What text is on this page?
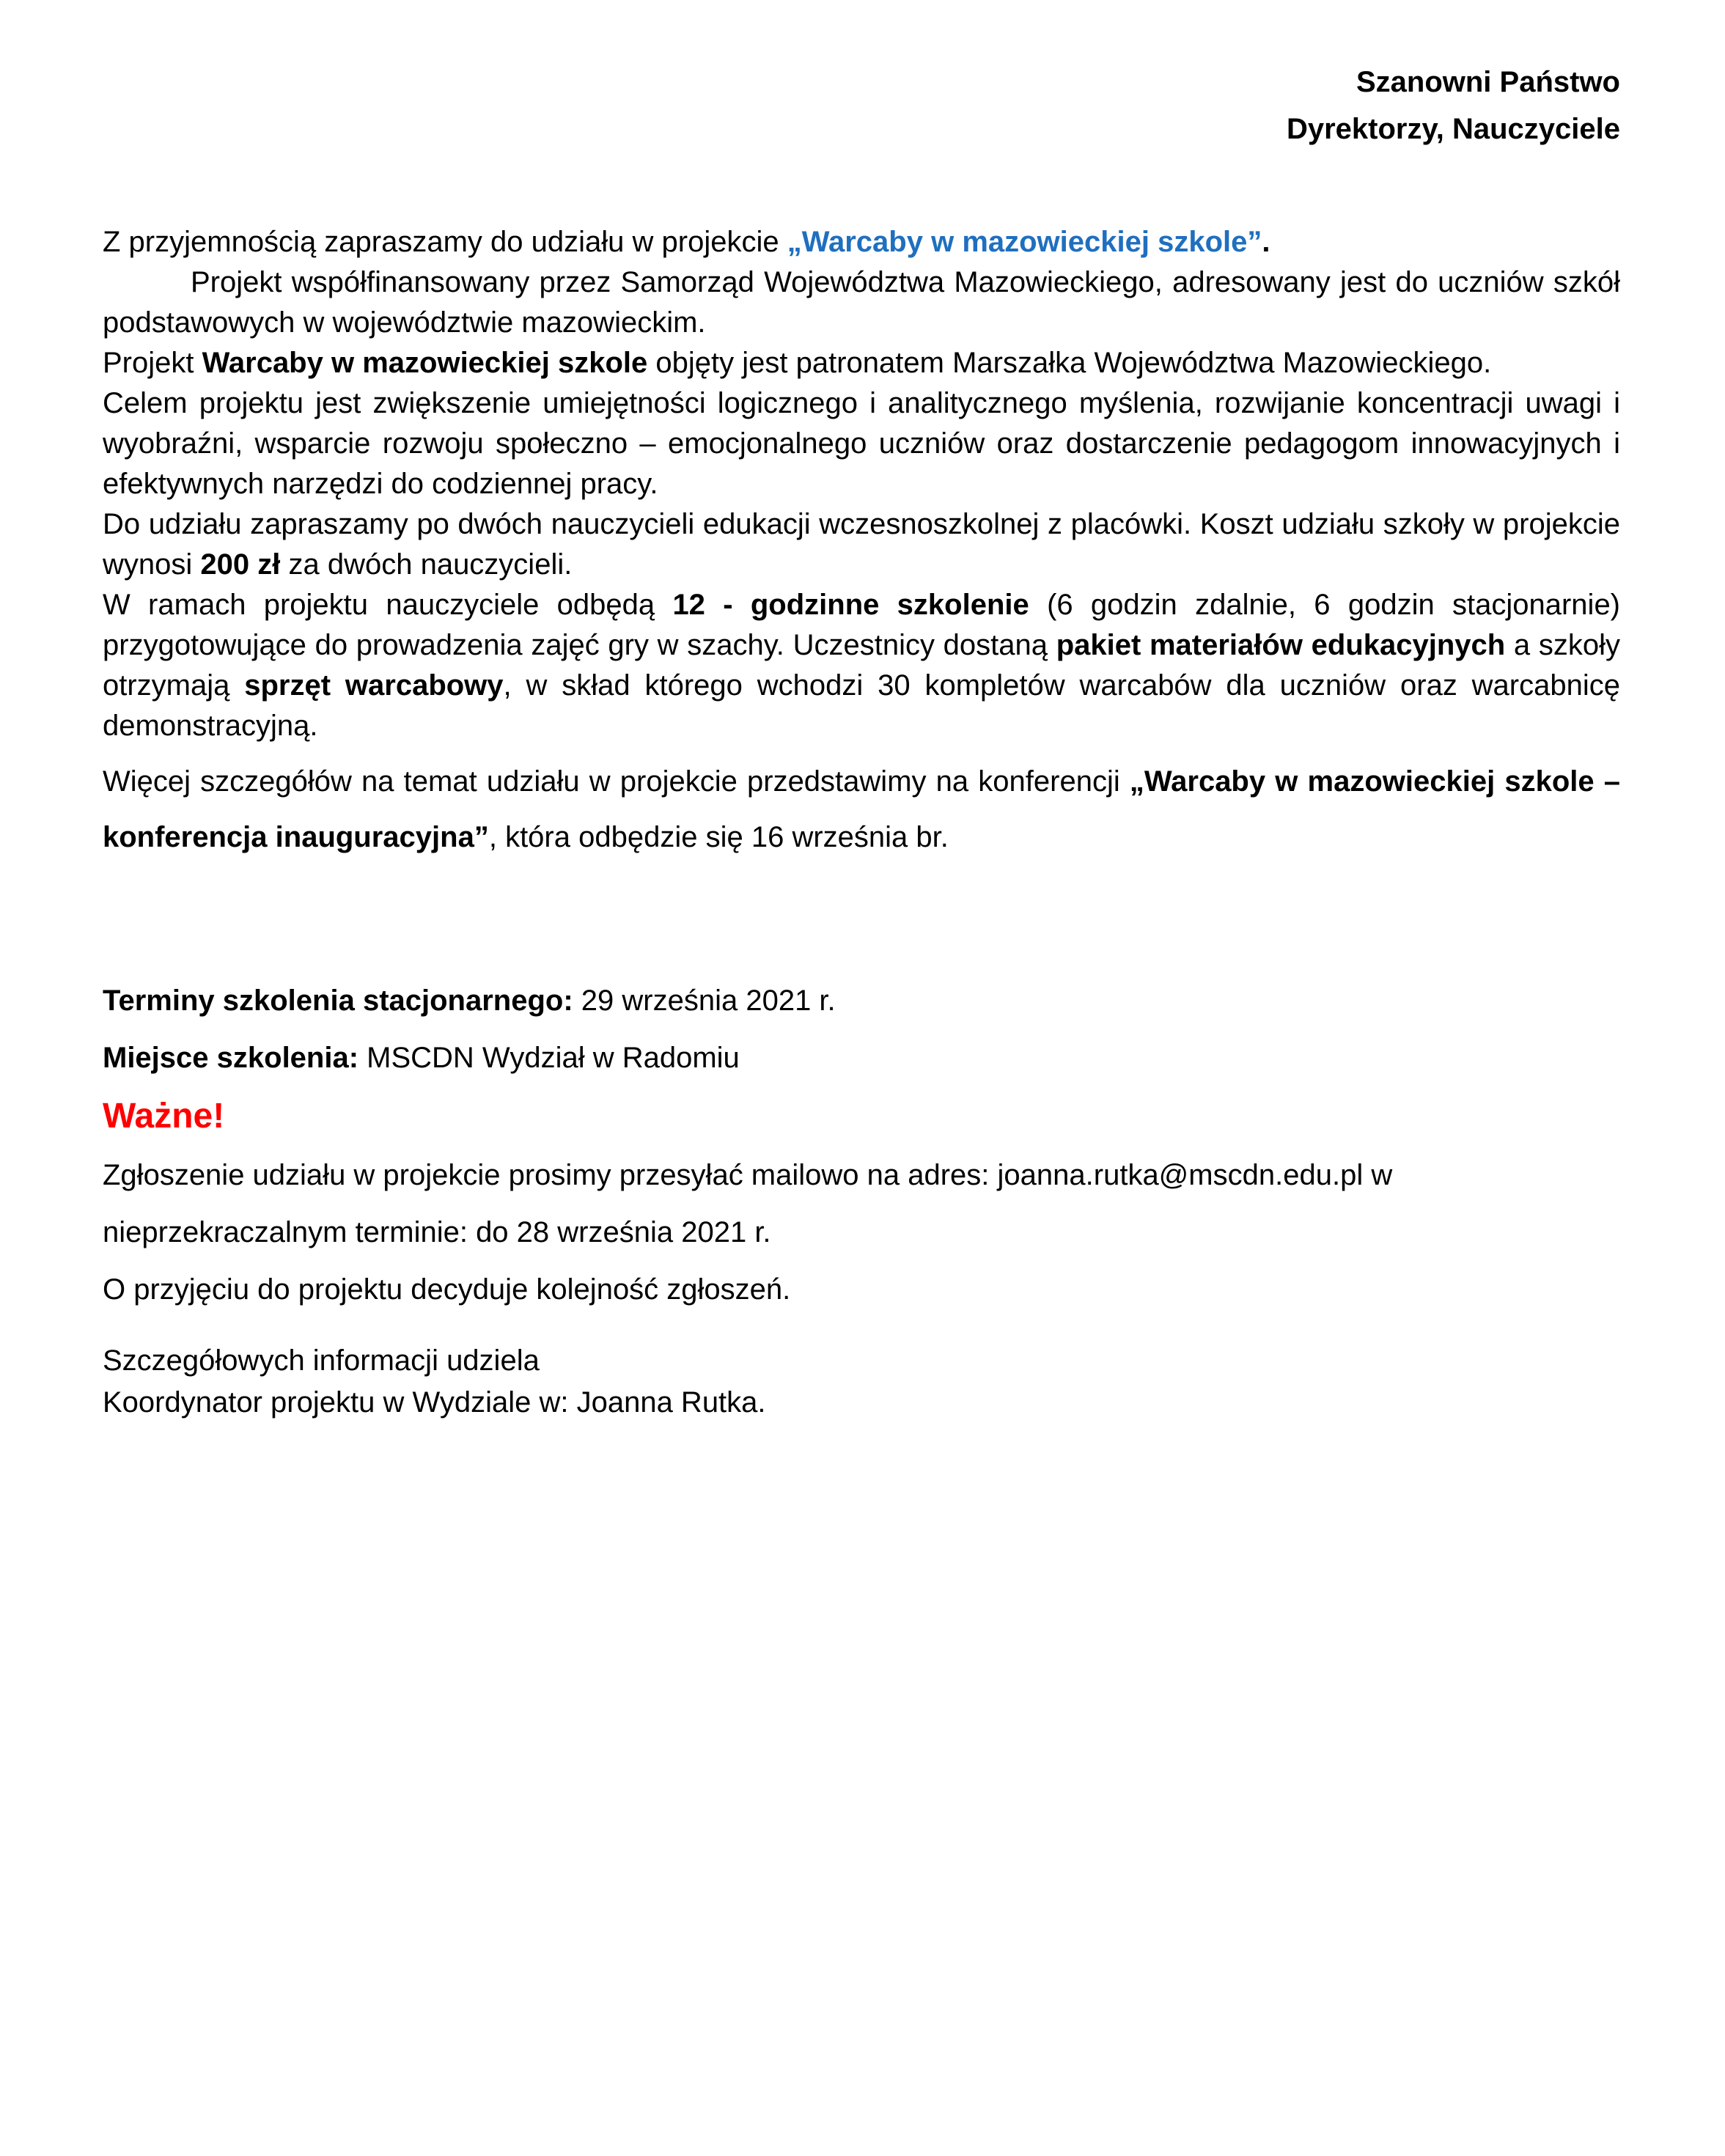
Szanowni Państwo
Dyrektorzy, Nauczyciele

Z przyjemnością zapraszamy do udziału w projekcie „Warcaby w mazowieckiej szkole”.

Projekt współfinansowany przez Samorząd Województwa Mazowieckiego, adresowany jest do uczniów szkół podstawowych w województwie mazowieckim.

Projekt Warcaby w mazowieckiej szkole objęty jest patronatem Marszałka Województwa Mazowieckiego.

Celem projektu jest zwiększenie umiejętności logicznego i analitycznego myślenia, rozwijanie koncentracji uwagi i wyobraźni, wsparcie rozwoju społeczno – emocjonalnego uczniów oraz dostarczenie pedagogom innowacyjnych i efektywnych narzędzi do codziennej pracy.

Do udziału zapraszamy po dwóch nauczycieli edukacji wczesnoszkolnej z placówki. Koszt udziału szkoły w projekcie wynosi 200 zł za dwóch nauczycieli.

W ramach projektu nauczyciele odbędą 12 - godzinne szkolenie (6 godzin zdalnie, 6 godzin stacjonarnie) przygotowujące do prowadzenia zajęć gry w szachy. Uczestnicy dostaną pakiet materiałów edukacyjnych a szkoły otrzymają sprzęt warcabowy, w skład którego wchodzi 30 kompletów warcabów dla uczniów oraz warcabnicę demonstracyjną.

Więcej szczegółów na temat udziału w projekcie przedstawimy na konferencji „Warcaby w mazowieckiej szkole – konferencja inauguracyjna”, która odbędzie się 16 września br.

Terminy szkolenia stacjonarnego: 29 września 2021 r.

Miejsce szkolenia: MSCDN Wydział w Radomiu

Ważne!

Zgłoszenie udziału w projekcie prosimy przesyłać mailowo na adres: joanna.rutka@mscdn.edu.pl w

nieprzekraczalnym terminie: do 28 września 2021 r.

O przyjęciu do projektu decyduje kolejność zgłoszeń.

Szczegółowych informacji udziela

Koordynator projektu w Wydziale w: Joanna Rutka.
